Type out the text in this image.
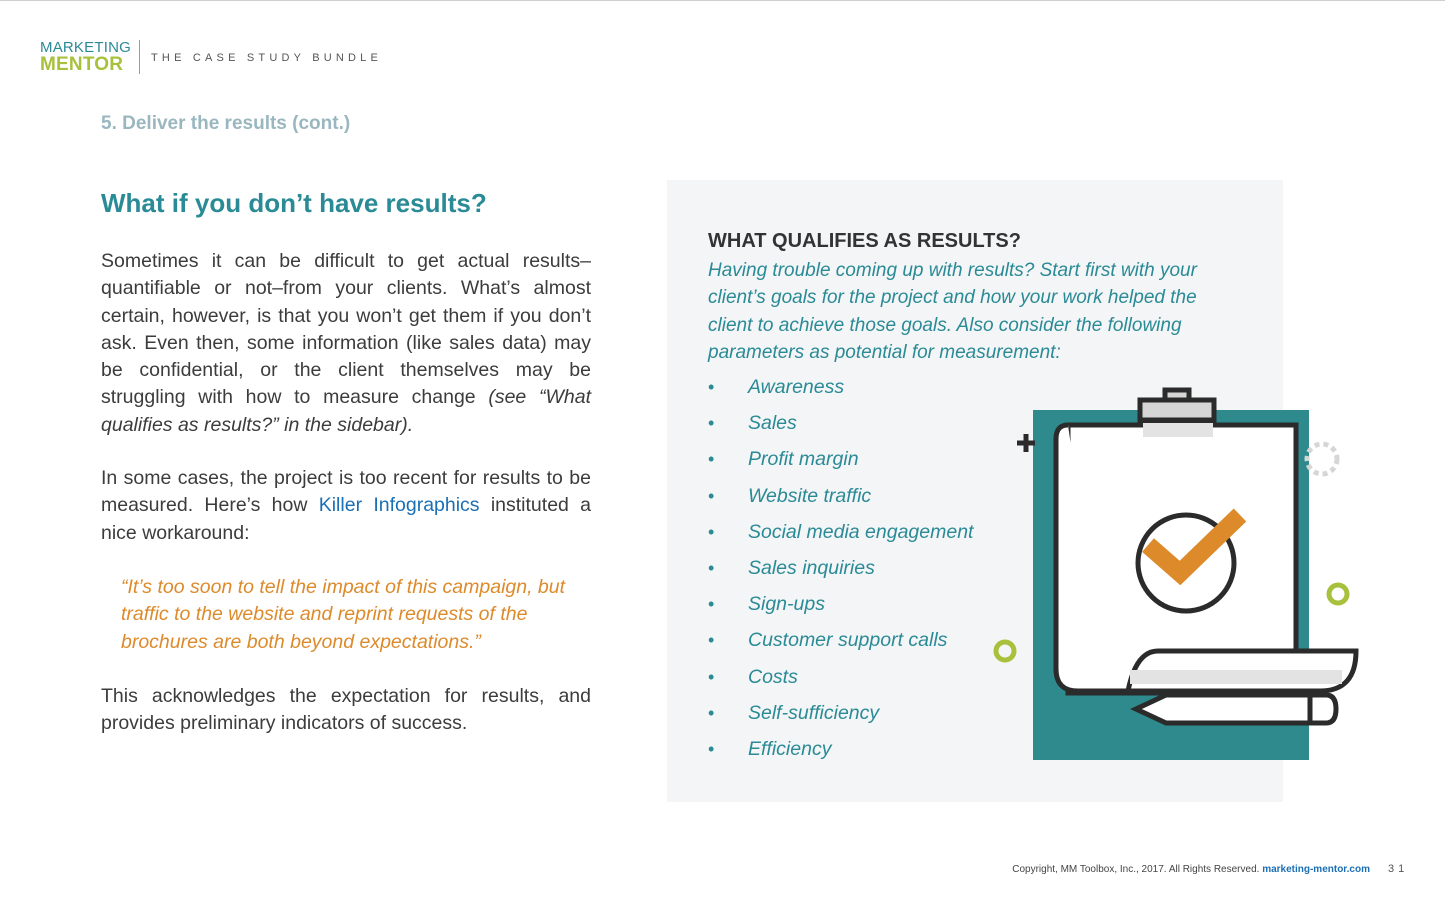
MARKETING
MENTOR	THE CASE STUDY BUNDLE
5. Deliver the results (cont.)
What if you don’t have results?

Sometimes it can be difficult to get actual results–quantifiable or not–from your clients. What’s almost certain, however, is that you won’t get them if you don’t ask. Even then, some information (like sales data) may be confidential, or the client themselves may be struggling with how to measure change (see “What qualifies as results?” in the sidebar).

In some cases, the project is too recent for results to be measured. Here’s how Killer Infographics instituted a nice workaround:

“It’s too soon to tell the impact of this campaign, but traffic to the website and reprint requests of the brochures are both beyond expectations.”

This acknowledges the expectation for results, and provides preliminary indicators of success.

WHAT QUALIFIES AS RESULTS?

Having trouble coming up with results? Start first with your client’s goals for the project and how your work helped the client to achieve those goals. Also consider the following parameters as potential for measurement:

• Awareness
• Sales
• Profit margin
• Website traffic
• Social media engagement
• Sales inquiries
• Sign-ups
• Customer support calls
• Costs
• Self-sufficiency
• Efficiency
Copyright, MM Toolbox, Inc., 2017. All Rights Reserved. marketing-mentor.com 31
